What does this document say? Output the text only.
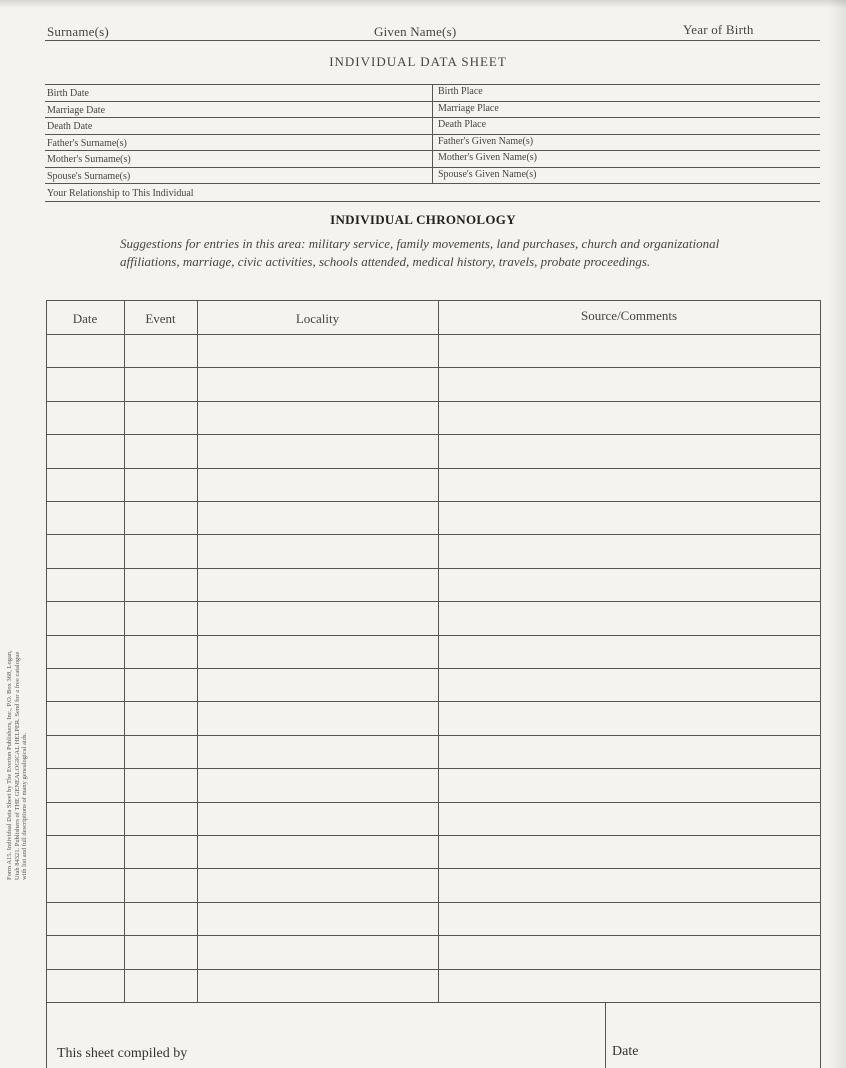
Surname(s)	Given Name(s)	Year of Birth
INDIVIDUAL DATA SHEET
Birth Date	Birth Place
Marriage Date	Marriage Place
Death Date	Death Place
Father's Surname(s)	Father's Given Name(s)
Mother's Surname(s)	Mother's Given Name(s)
Spouse's Surname(s)	Spouse's Given Name(s)
Your Relationship to This Individual
Suggestions for entries in this area: military service, family movements, land purchases, church and organizational affiliations, marriage, civic activities, schools attended, medical history, travels, probate proceedings.
INDIVIDUAL CHRONOLOGY
Date	Event	Locality	Source/Comments
This sheet compiled by	Date
Form A15. Individual Data Sheet by The Everton Publishers, Inc., P.O. Box 368, Logan, Utah 84321. Publishers of THE GENEALOGICAL HELPER. Send for a free catalogue with list and full descriptions of many genealogical aids.
